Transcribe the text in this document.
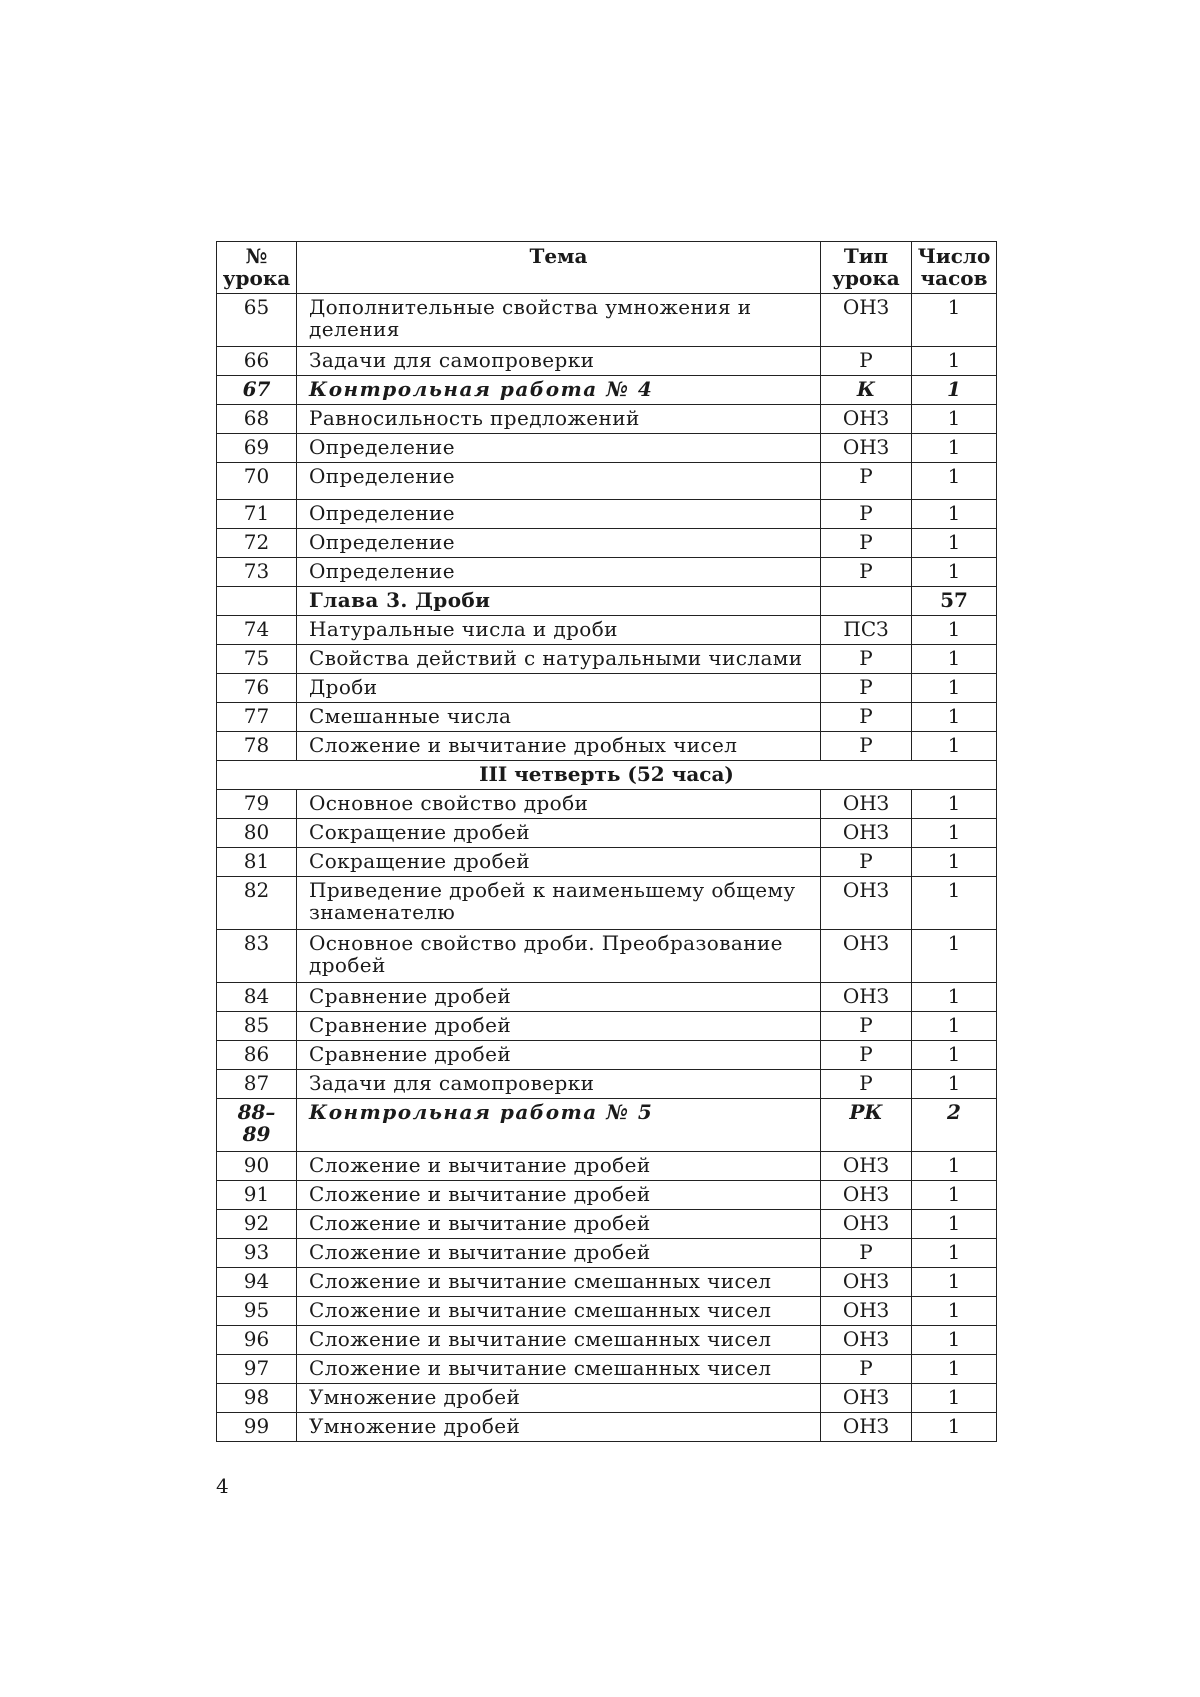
№ урока	Тема	Тип урока	Число часов
65	Дополнительные свойства умножения и деления	ОНЗ	1
66	Задачи для самопроверки	Р	1
67	Контрольная работа № 4	К	1
68	Равносильность предложений	ОНЗ	1
69	Определение	ОНЗ	1
70	Определение	Р	1
71	Определение	Р	1
72	Определение	Р	1
73	Определение	Р	1
	Глава 3. Дроби		57
74	Натуральные числа и дроби	ПСЗ	1
75	Свойства действий с натуральными числами	Р	1
76	Дроби	Р	1
77	Смешанные числа	Р	1
78	Сложение и вычитание дробных чисел	Р	1
III четверть (52 часа)			
79	Основное свойство дроби	ОНЗ	1
80	Сокращение дробей	ОНЗ	1
81	Сокращение дробей	Р	1
82	Приведение дробей к наименьшему общему знаменателю	ОНЗ	1
83	Основное свойство дроби. Преобразование дробей	ОНЗ	1
84	Сравнение дробей	ОНЗ	1
85	Сравнение дробей	Р	1
86	Сравнение дробей	Р	1
87	Задачи для самопроверки	Р	1
88– 89	Контрольная работа № 5	РК	2
90	Сложение и вычитание дробей	ОНЗ	1
91	Сложение и вычитание дробей	ОНЗ	1
92	Сложение и вычитание дробей	ОНЗ	1
93	Сложение и вычитание дробей	Р	1
94	Сложение и вычитание смешанных чисел	ОНЗ	1
95	Сложение и вычитание смешанных чисел	ОНЗ	1
96	Сложение и вычитание смешанных чисел	ОНЗ	1
97	Сложение и вычитание смешанных чисел	Р	1
98	Умножение дробей	ОНЗ	1
99	Умножение дробей	ОНЗ	1
4
